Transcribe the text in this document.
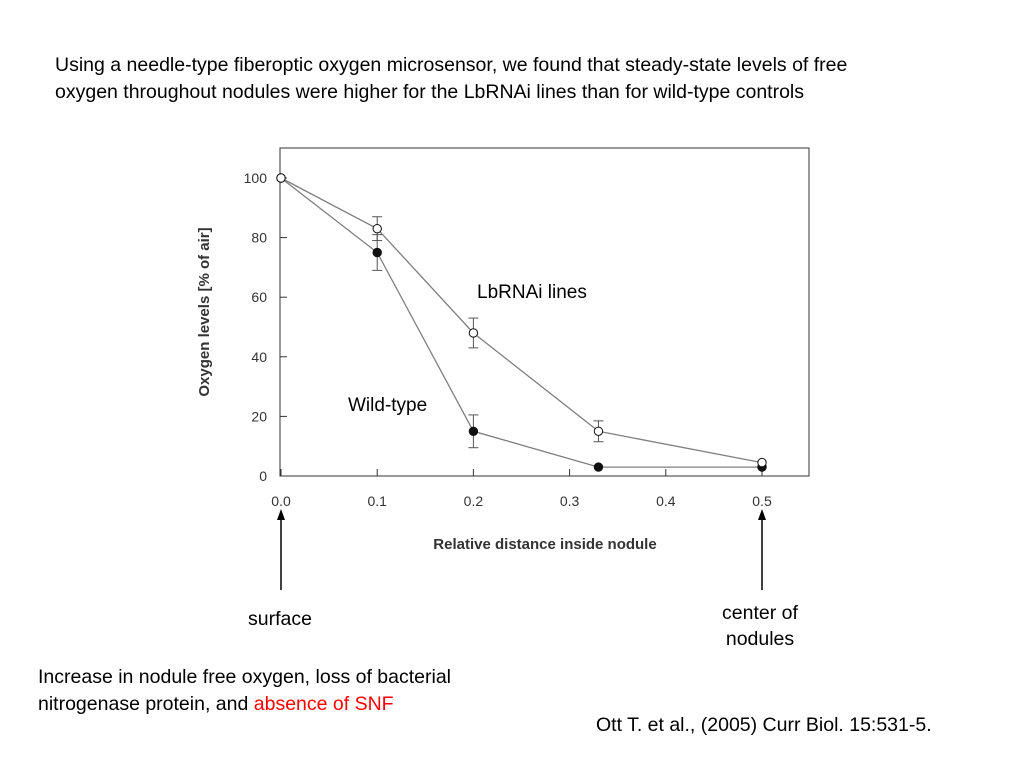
Using a needle-type fiberoptic oxygen microsensor, we found that steady-state levels of free
oxygen throughout nodules were higher for the LbRNAi lines than for wild-type controls
0
20
40
60
80
100
0.0	0.1	0.2	0.3	0.4	0.5
Oxygen levels [% of air]
Relative distance inside nodule
LbRNAi lines
Wild-type
surface	center of
nodules
Increase in nodule free oxygen, loss of bacterial
nitrogenase protein, and absence of SNF
Ott T. et al., (2005) Curr Biol. 15:531-5.
